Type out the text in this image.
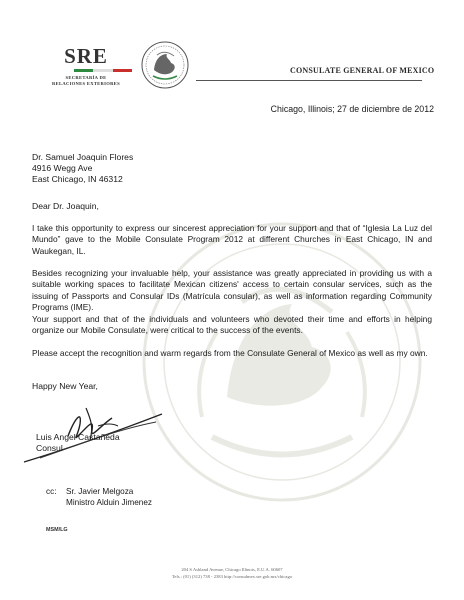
SRE
SECRETARÍA DE
RELACIONES EXTERIORES
CONSULATE GENERAL OF MEXICO
Chicago, Illinois; 27 de diciembre de 2012
Dr. Samuel Joaquin Flores
4916 Wegg Ave
East Chicago, IN 46312
Dear Dr. Joaquin,
I take this opportunity to express our sincerest appreciation for your support and that of “Iglesia La Luz del Mundo” gave to the Mobile Consulate Program 2012 at different Churches in East Chicago, IN and Waukegan, IL.
Besides recognizing your invaluable help, your assistance was greatly appreciated in providing us with a suitable working spaces to facilitate Mexican citizens' access to certain consular services, such as the issuing of Passports and Consular IDs (Matrícula consular), as well as information regarding Community Programs (IME).
Your support and that of the individuals and volunteers who devoted their time and efforts in helping organize our Mobile Consulate, were critical to the success of the events.
Please accept the recognition and warm regards from the Consulate General of Mexico as well as my own.
Happy New Year,
Luis Angel Castañeda
Consul
cc: Sr. Javier Melgoza
Ministro Alduin Jimenez
MSM/LG
204 S Ashland Avenue, Chicago Illinois, E.U.A. 60607
Tels.: (01) (312) 738 - 2383 http://consulmex.sre.gob.mx/chicago
